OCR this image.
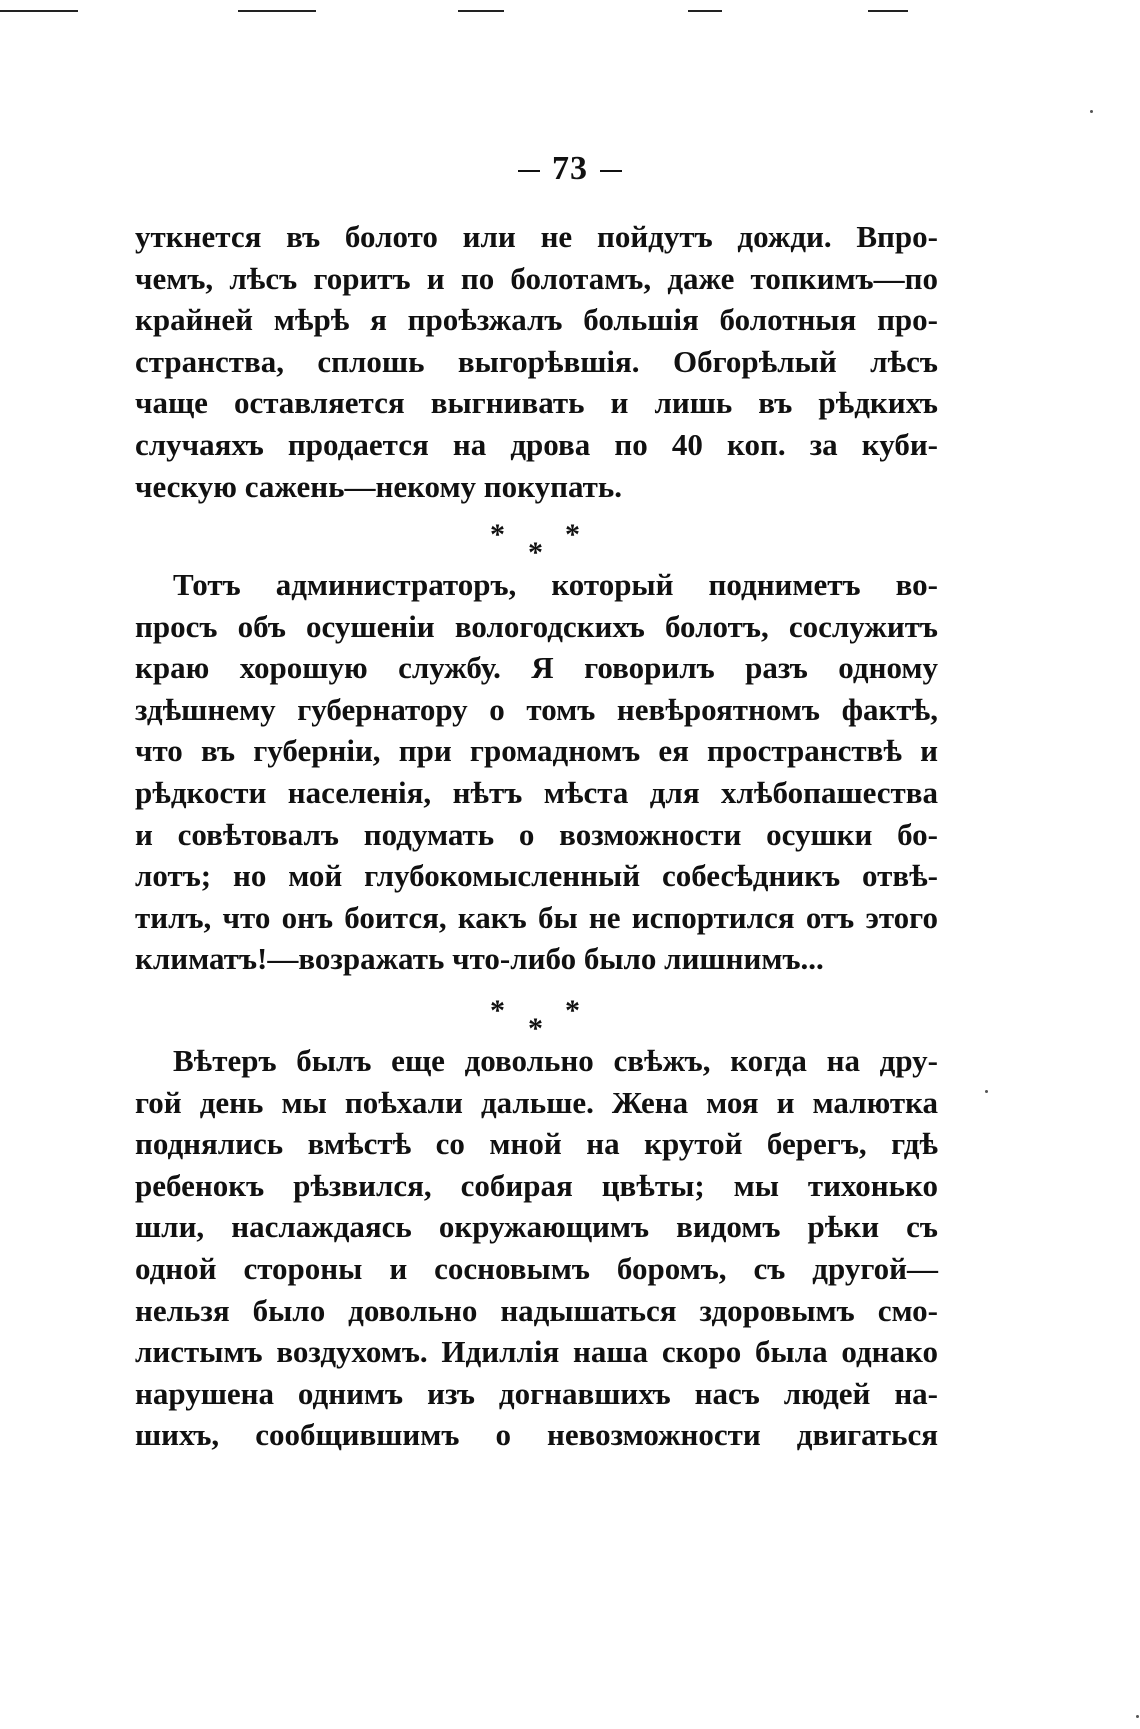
73
уткнется въ болото или не пойдутъ дожди. Впро-
чемъ, лѣсъ горитъ и по болотамъ, даже топкимъ—по
крайней мѣрѣ я проѣзжалъ большія болотныя про-
странства, сплошь выгорѣвшія. Обгорѣлый лѣсъ
чаще оставляется выгнивать и лишь въ рѣдкихъ
случаяхъ продается на дрова по 40 коп. за куби-
ческую сажень—некому покупать.
* *
*
Тотъ администраторъ, который подниметъ во-
просъ объ осушенiи вологодскихъ болотъ, сослужитъ
краю хорошую службу. Я говорилъ разъ одному
здѣшнему губернатору о томъ невѣроятномъ фактѣ,
что въ губернiи, при громадномъ ея пространствѣ и
рѣдкости населенiя, нѣтъ мѣста для хлѣбопашества
и совѣтовалъ подумать о возможности осушки бо-
лотъ; но мой глубокомысленный собесѣдникъ отвѣ-
тилъ, что онъ боится, какъ бы не испортился отъ этого
климатъ!—возражать что-либо было лишнимъ...
* *
*
Вѣтеръ былъ еще довольно свѣжъ, когда на дру-
гой день мы поѣхали дальше. Жена моя и малютка
поднялись вмѣстѣ со мной на крутой берегъ, гдѣ
ребенокъ рѣзвился, собирая цвѣты; мы тихонько
шли, наслаждаясь окружающимъ видомъ рѣки съ
одной стороны и сосновымъ боромъ, съ другой—
нельзя было довольно надышаться здоровымъ смо-
листымъ воздухомъ. Идиллiя наша скоро была однако
нарушена однимъ изъ догнавшихъ насъ людей на-
шихъ, сообщившимъ о невозможности двигаться
